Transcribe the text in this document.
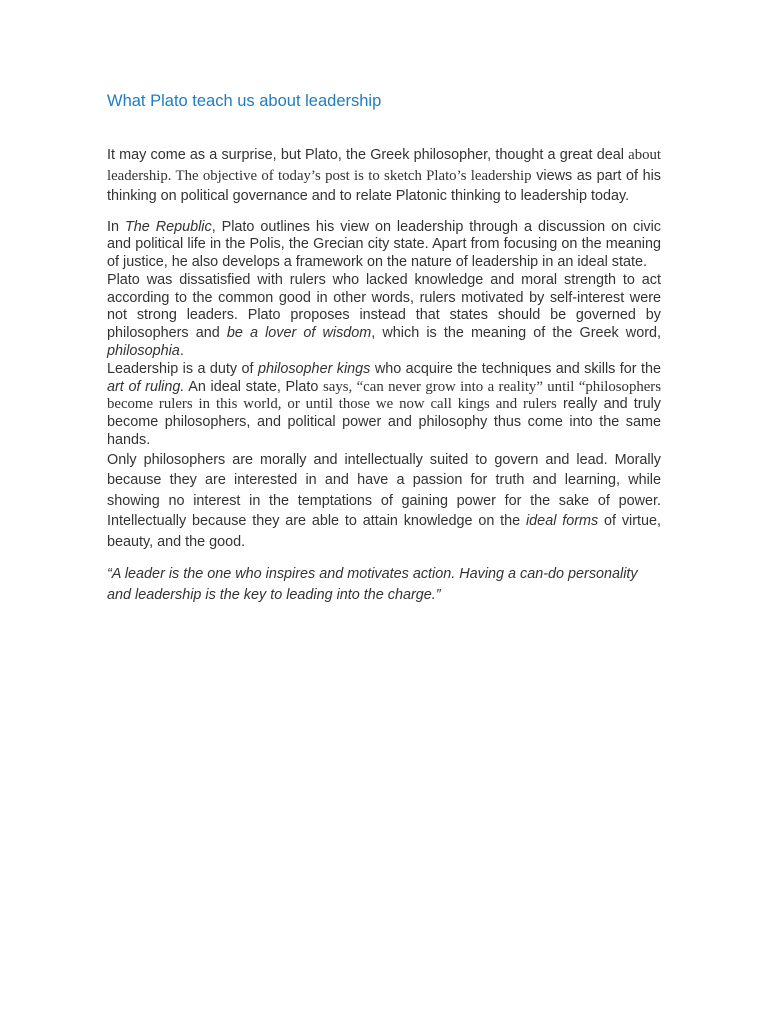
What Plato teach us about leadership

It may come as a surprise, but Plato, the Greek philosopher, thought a great deal about leadership. The objective of today’s post is to sketch Plato’s leadership views as part of his thinking on political governance and to relate Platonic thinking to leadership today.

In The Republic, Plato outlines his view on leadership through a discussion on civic and political life in the Polis, the Grecian city state. Apart from focusing on the meaning of justice, he also develops a framework on the nature of leadership in an ideal state.

Plato was dissatisfied with rulers who lacked knowledge and moral strength to act according to the common good in other words, rulers motivated by self-interest were not strong leaders. Plato proposes instead that states should be governed by philosophers and be a lover of wisdom, which is the meaning of the Greek word, philosophia.

Leadership is a duty of philosopher kings who acquire the techniques and skills for the art of ruling. An ideal state, Plato says, “can never grow into a reality” until “philosophers become rulers in this world, or until those we now call kings and rulers really and truly become philosophers, and political power and philosophy thus come into the same hands.

Only philosophers are morally and intellectually suited to govern and lead. Morally because they are interested in and have a passion for truth and learning, while showing no interest in the temptations of gaining power for the sake of power. Intellectually because they are able to attain knowledge on the ideal forms of virtue, beauty, and the good.

“A leader is the one who inspires and motivates action. Having a can-do personality and leadership is the key to leading into the charge.”
